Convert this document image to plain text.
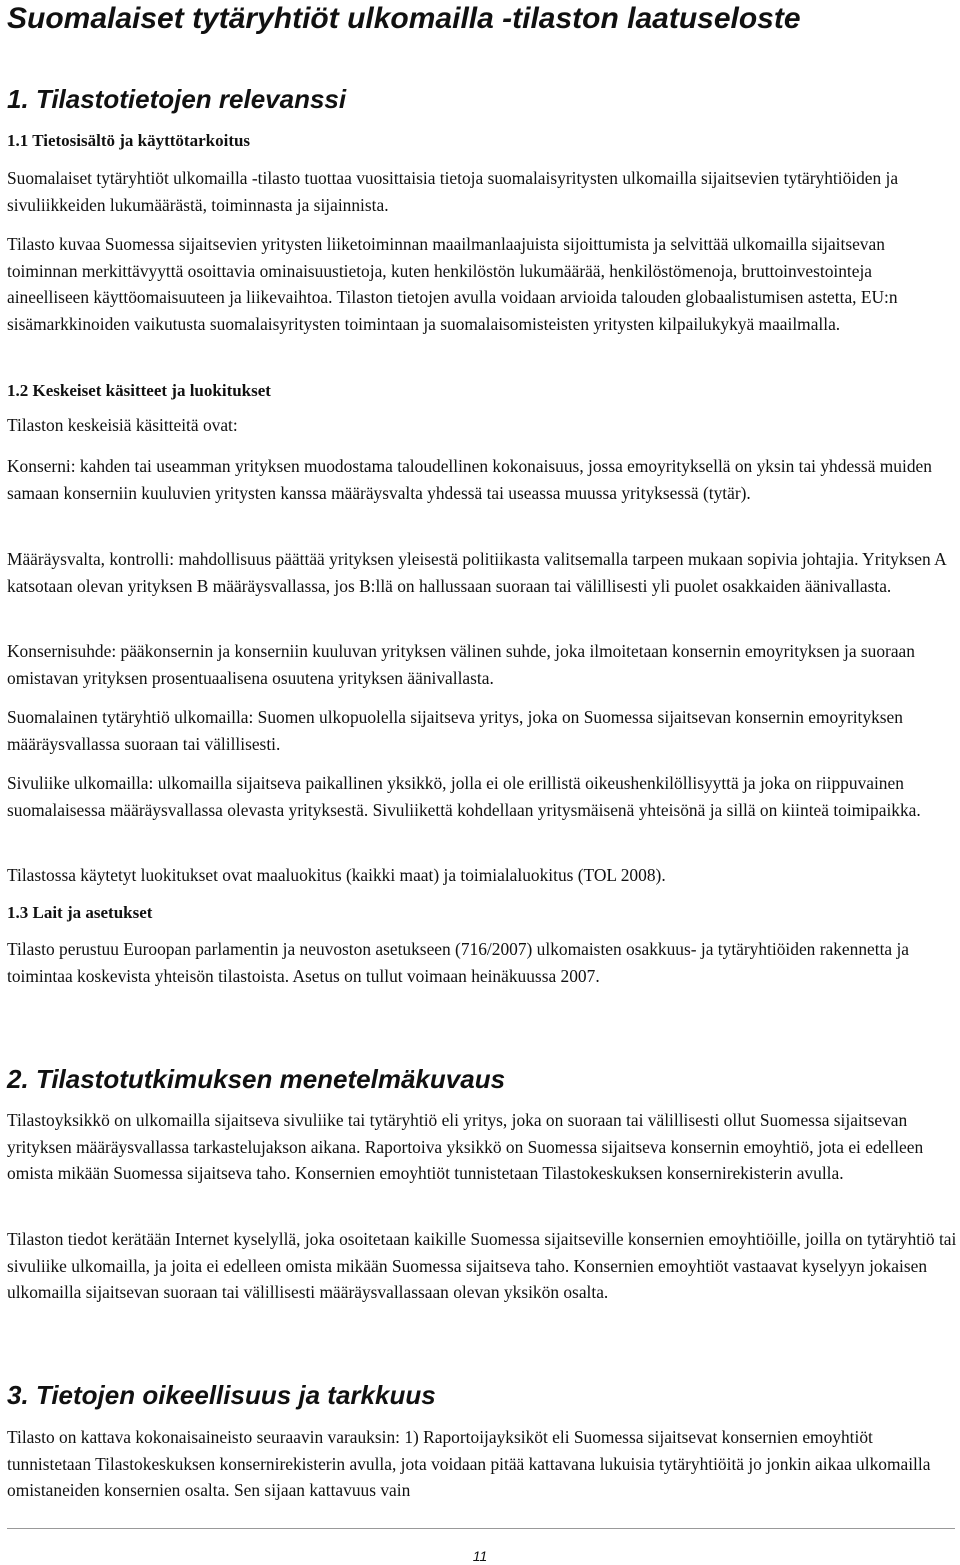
Suomalaiset tytäryhtiöt ulkomailla -tilaston laatuseloste
1. Tilastotietojen relevanssi
1.1 Tietosisältö ja käyttötarkoitus

Suomalaiset tytäryhtiöt ulkomailla -tilasto tuottaa vuosittaisia tietoja suomalaisyritysten ulkomailla sijaitsevien tytäryhtiöiden ja sivuliikkeiden lukumäärästä, toiminnasta ja sijainnista.

Tilasto kuvaa Suomessa sijaitsevien yritysten liiketoiminnan maailmanlaajuista sijoittumista ja selvittää ulkomailla sijaitsevan toiminnan merkittävyyttä osoittavia ominaisuustietoja, kuten henkilöstön lukumäärää, henkilöstömenoja, bruttoinvestointeja aineelliseen käyttöomaisuuteen ja liikevaihtoa. Tilaston tietojen avulla voidaan arvioida talouden globaalistumisen astetta, EU:n sisämarkkinoiden vaikutusta suomalaisyritysten toimintaan ja suomalaisomisteisten yritysten kilpailukykyä maailmalla.

1.2 Keskeiset käsitteet ja luokitukset

Tilaston keskeisiä käsitteitä ovat:

Konserni: kahden tai useamman yrityksen muodostama taloudellinen kokonaisuus, jossa emoyrityksellä on yksin tai yhdessä muiden samaan konserniin kuuluvien yritysten kanssa määräysvalta yhdessä tai useassa muussa yrityksessä (tytär).

Määräysvalta, kontrolli: mahdollisuus päättää yrityksen yleisestä politiikasta valitsemalla tarpeen mukaan sopivia johtajia. Yrityksen A katsotaan olevan yrityksen B määräysvallassa, jos B:llä on hallussaan suoraan tai välillisesti yli puolet osakkaiden äänivallasta.

Konsernisuhde: pääkonsernin ja konserniin kuuluvan yrityksen välinen suhde, joka ilmoitetaan konsernin emoyrityksen ja suoraan omistavan yrityksen prosentuaalisena osuutena yrityksen äänivallasta.

Suomalainen tytäryhtiö ulkomailla: Suomen ulkopuolella sijaitseva yritys, joka on Suomessa sijaitsevan konsernin emoyrityksen määräysvallassa suoraan tai välillisesti.

Sivuliike ulkomailla: ulkomailla sijaitseva paikallinen yksikkö, jolla ei ole erillistä oikeushenkilöllisyyttä ja joka on riippuvainen suomalaisessa määräysvallassa olevasta yrityksestä. Sivuliikettä kohdellaan yritysmäisenä yhteisönä ja sillä on kiinteä toimipaikka.

Tilastossa käytetyt luokitukset ovat maaluokitus (kaikki maat) ja toimialaluokitus (TOL 2008).

1.3 Lait ja asetukset

Tilasto perustuu Euroopan parlamentin ja neuvoston asetukseen (716/2007) ulkomaisten osakkuus- ja tytäryhtiöiden rakennetta ja toimintaa koskevista yhteisön tilastoista. Asetus on tullut voimaan heinäkuussa 2007.

2. Tilastotutkimuksen menetelmäkuvaus

Tilastoyksikkö on ulkomailla sijaitseva sivuliike tai tytäryhtiö eli yritys, joka on suoraan tai välillisesti ollut Suomessa sijaitsevan yrityksen määräysvallassa tarkastelujakson aikana. Raportoiva yksikkö on Suomessa sijaitseva konsernin emoyhtiö, jota ei edelleen omista mikään Suomessa sijaitseva taho. Konsernien emoyhtiöt tunnistetaan Tilastokeskuksen konsernirekisterin avulla.

Tilaston tiedot kerätään Internet kyselyllä, joka osoitetaan kaikille Suomessa sijaitseville konsernien emoyhtiöille, joilla on tytäryhtiö tai sivuliike ulkomailla, ja joita ei edelleen omista mikään Suomessa sijaitseva taho. Konsernien emoyhtiöt vastaavat kyselyyn jokaisen ulkomailla sijaitsevan suoraan tai välillisesti määräysvallassaan olevan yksikön osalta.

3. Tietojen oikeellisuus ja tarkkuus

Tilasto on kattava kokonaisaineisto seuraavin varauksin: 1) Raportoijayksiköt eli Suomessa sijaitsevat konsernien emoyhtiöt tunnistetaan Tilastokeskuksen konsernirekisterin avulla, jota voidaan pitää kattavana lukuisia tytäryhtiöitä jo jonkin aikaa ulkomailla omistaneiden konsernien osalta. Sen sijaan kattavuus vain

11
